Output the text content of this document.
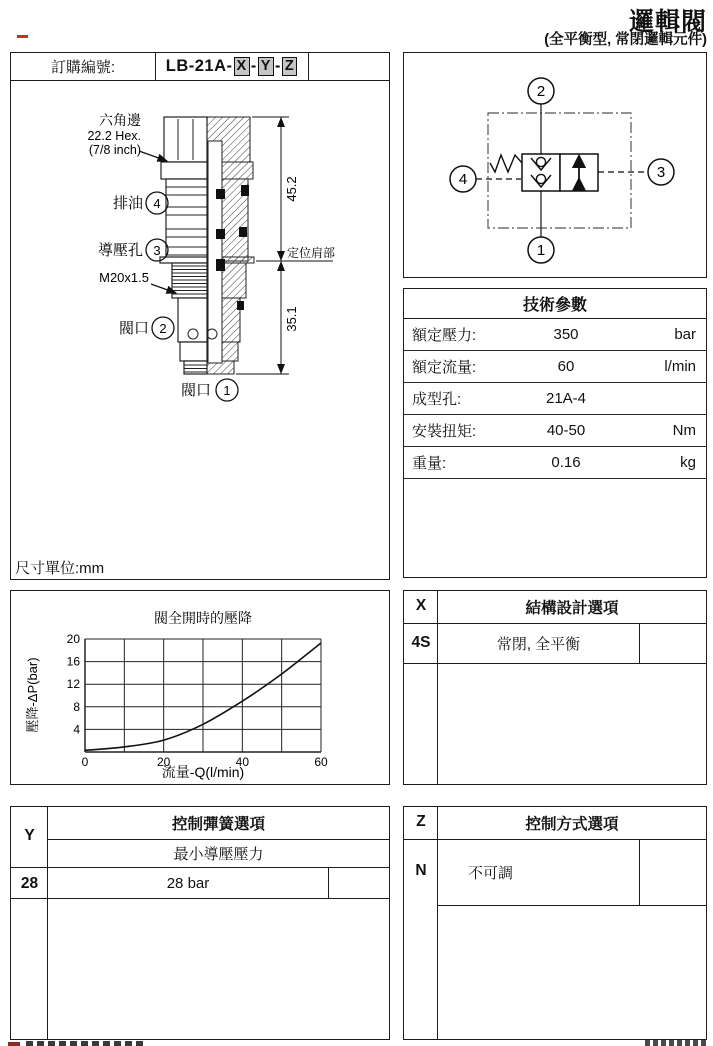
邏輯閥
(全平衡型, 常閉邏輯元件)
訂購編號:	LB-21A- X - Y - Z
45.2
35.1
定位肩部
六角邊
22.2 Hex.
(7/8 inch)
排油 4
導壓孔 3
M20x1.5
閥口 2
閥口 1
尺寸單位:mm
2
1
3
4
技術參數
額定壓力:	350	bar
額定流量:	60	l/min
成型孔:	21A-4
安裝扭矩:	40-50	Nm
重量:	0.16	kg
閥全開時的壓降
0	20	40	60
4
8
12
16
20
流量-Q(l/min)
壓降-ΔP(bar)
X	結構設計選項
4S	常閉, 全平衡
Y
控制彈簧選項
最小導壓壓力
28	28 bar
Z	控制方式選項
N	不可調
